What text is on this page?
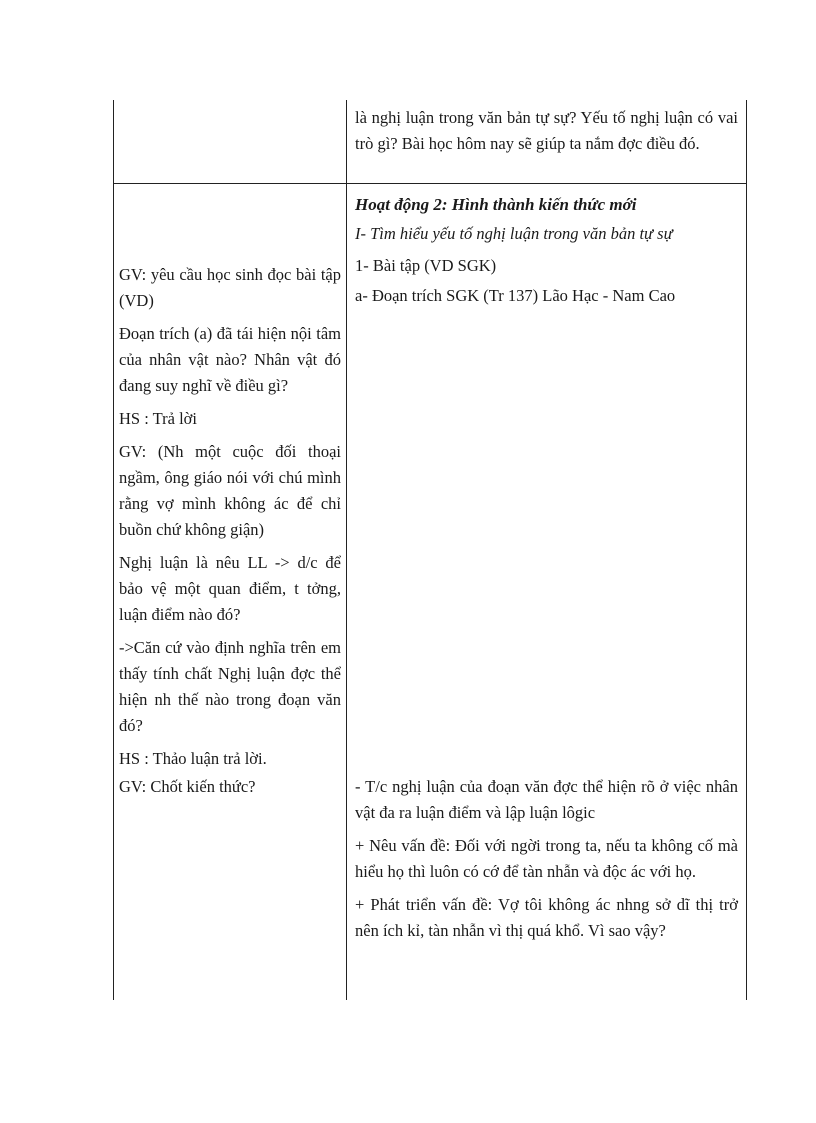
là nghị luận trong văn bản tự sự? Yếu tố nghị luận có vai trò gì? Bài học hôm nay sẽ giúp ta nắm đợc điều đó.

Hoạt động 2: Hình thành kiến thức mới

I- Tìm hiểu yếu tố nghị luận trong văn bản tự sự

1- Bài tập (VD SGK)

a- Đoạn trích SGK (Tr 137) Lão Hạc - Nam Cao

GV: yêu cầu học sinh đọc bài tập (VD)

Đoạn trích (a) đã tái hiện nội tâm của nhân vật nào? Nhân vật đó đang suy nghĩ về điều gì?

HS : Trả lời

GV: (Nh một cuộc đối thoại ngầm, ông giáo nói với chú mình rằng vợ mình không ác để chỉ buồn chứ không giận)

Nghị luận là nêu LL -> d/c để bảo vệ một quan điểm, t tởng, luận điểm nào đó?

->Căn cứ vào định nghĩa trên em thấy tính chất Nghị luận đợc thể hiện nh thế nào trong đoạn văn đó?

HS : Thảo luận trả lời.

GV: Chốt kiến thức?	- T/c nghị luận của đoạn văn đợc thể hiện rõ ở việc nhân vật đa ra luận điểm và lập luận lôgic

+ Nêu vấn đề: Đối với ngời trong ta, nếu ta không cố mà hiểu họ thì luôn có cớ để tàn nhẫn và độc ác với họ.

+ Phát triển vấn đề: Vợ tôi không ác nhng sở dĩ thị trở nên ích kỉ, tàn nhẫn vì thị quá khổ. Vì sao vậy?
